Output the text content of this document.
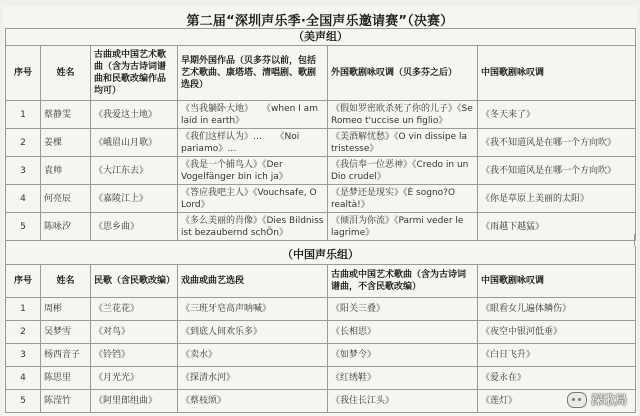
第二届“深圳声乐季·全国声乐邀请赛”（决赛）
（美声组）					
序号	姓名	古曲或中国艺术歌曲（含为古诗词谱曲和民歌改编作品均可）	早期外国作品（贝多芬以前，包括艺术歌曲、康塔塔、清唱剧、歌剧选段）	外国歌剧咏叹调（贝多芬之后）	中国歌剧咏叹调
1	蔡静雯	《我爱这土地》	《当我躺卧大地》　　《when I am laid in earth》	《假如罗密欧杀死了你的儿子》《Se Romeo t'uccise un figlio》	《冬天来了》
2	姜棵	《峨眉山月歌》	《我们这样认为》…　　《Noi pariamo》…	《美酒解忧愁》《O vin dissipe la tristesse》	《我不知道风是在哪一个方向吹》
3	袁帅	《大江东去》	《我是一个捕鸟人》《Der Vogelfänger bin ich ja》	《我信奉一位恶神》《Credo in un Dio crudel》	《我不知道风是在哪一个方向吹》
4	何亮辰	《嘉陵江上》	《答应我吧主人》《Vouchsafe, O Lord》	《是梦还是现实》《È sogno?O realtà!》	《你是草原上美丽的太阳》
5	陈咏汐	《思乡曲》	《多么美丽的肖像》《Dies Bildniss ist bezaubernd schÖn》	《倾泪为你流》《Parmi veder le lagrime》	《雨越下越猛》
（中国声乐组）					
序号	姓名	民歌（含民歌改编）	戏曲或曲艺选段	古曲或中国艺术歌曲（含为古诗词谱曲，不含民歌改编）	中国歌剧咏叹调
1	周彬	《兰花花》	《三班牙皂高声呐喊》	《阳关三叠》	《眼看女儿遍体鳞伤》
2	吴梦雪	《对鸟》	《到底人间欢乐多》	《长相思》	《夜空中银河低垂》
3	杨西音子	《铃铛》	《卖水》	《如梦令》	《白日飞升》
4	陈思里	《月光光》	《探清水河》	《红绣鞋》	《爱永在》
5	陈滢竹	《阿里郎组曲》	《蔡枝颂》	《我住长江头》	《莲灯》	深歌局
